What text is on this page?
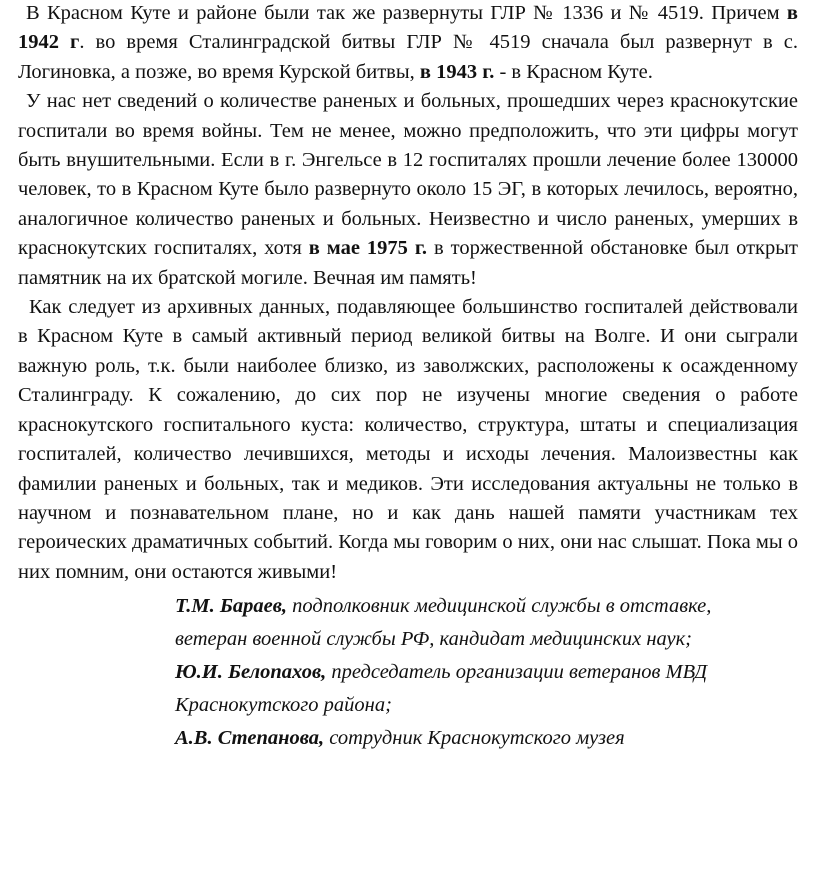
В Красном Куте и районе были так же развернуты ГЛР № 1336 и № 4519. Причем в 1942 г. во время Сталинградской битвы ГЛР № 4519 сначала был развернут в с. Логиновка, а позже, во время Курской битвы, в 1943 г. - в Красном Куте.

У нас нет сведений о количестве раненых и больных, прошедших через краснокутские госпитали во время войны. Тем не менее, можно предположить, что эти цифры могут быть внушительными. Если в г. Энгельсе в 12 госпиталях прошли лечение более 130000 человек, то в Красном Куте было развернуто около 15 ЭГ, в которых лечилось, вероятно, аналогичное количество раненых и больных. Неизвестно и число раненых, умерших в краснокутских госпиталях, хотя в мае 1975 г. в торжественной обстановке был открыт памятник на их братской могиле. Вечная им память!

Как следует из архивных данных, подавляющее большинство госпиталей действовали в Красном Куте в самый активный период великой битвы на Волге. И они сыграли важную роль, т.к. были наиболее близко, из заволжских, расположены к осажденному Сталинграду. К сожалению, до сих пор не изучены многие сведения о работе краснокутского госпитального куста: количество, структура, штаты и специализация госпиталей, количество лечившихся, методы и исходы лечения. Малоизвестны как фамилии раненых и больных, так и медиков. Эти исследования актуальны не только в научном и познавательном плане, но и как дань нашей памяти участникам тех героических драматичных событий. Когда мы говорим о них, они нас слышат. Пока мы о них помним, они остаются живыми!

Т.М. Бараев, подполковник медицинской службы в отставке,

ветеран военной службы РФ, кандидат медицинских наук;

Ю.И. Белопахов, председатель организации ветеранов МВД

Краснокутского района;

А.В. Степанова, сотрудник Краснокутского музея
